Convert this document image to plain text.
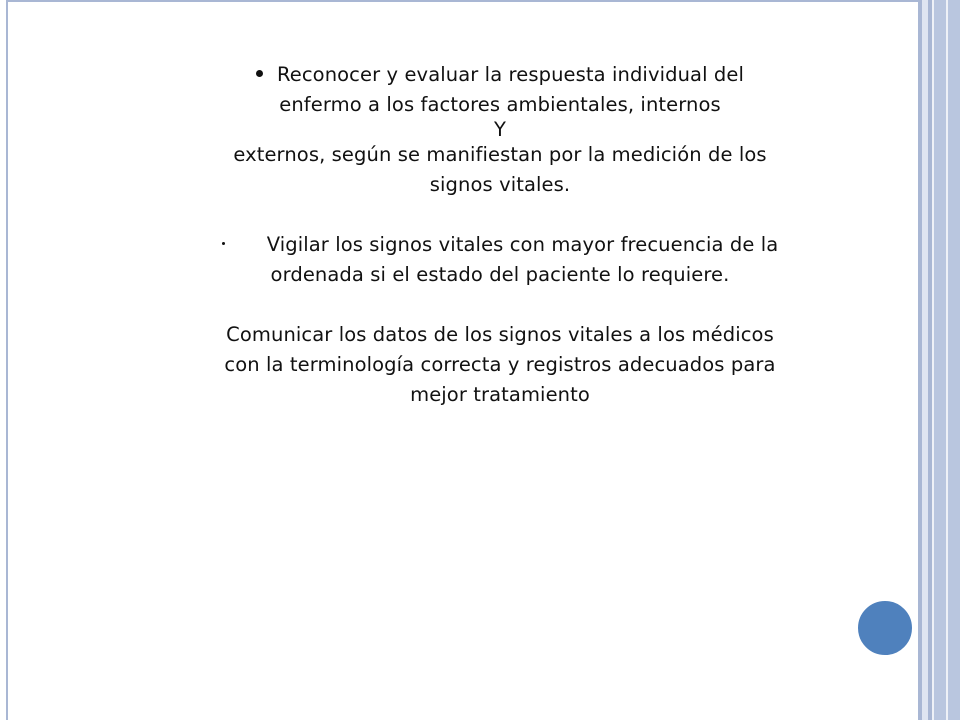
Reconocer y evaluar la respuesta individual del

enfermo a los factores ambientales, internos

Y

externos, según se manifiestan por la medición de los

signos vitales.

Vigilar los signos vitales con mayor frecuencia de la

ordenada si el estado del paciente lo requiere.

Comunicar los datos de los signos vitales a los médicos

con la terminología correcta y registros adecuados para

mejor tratamiento
